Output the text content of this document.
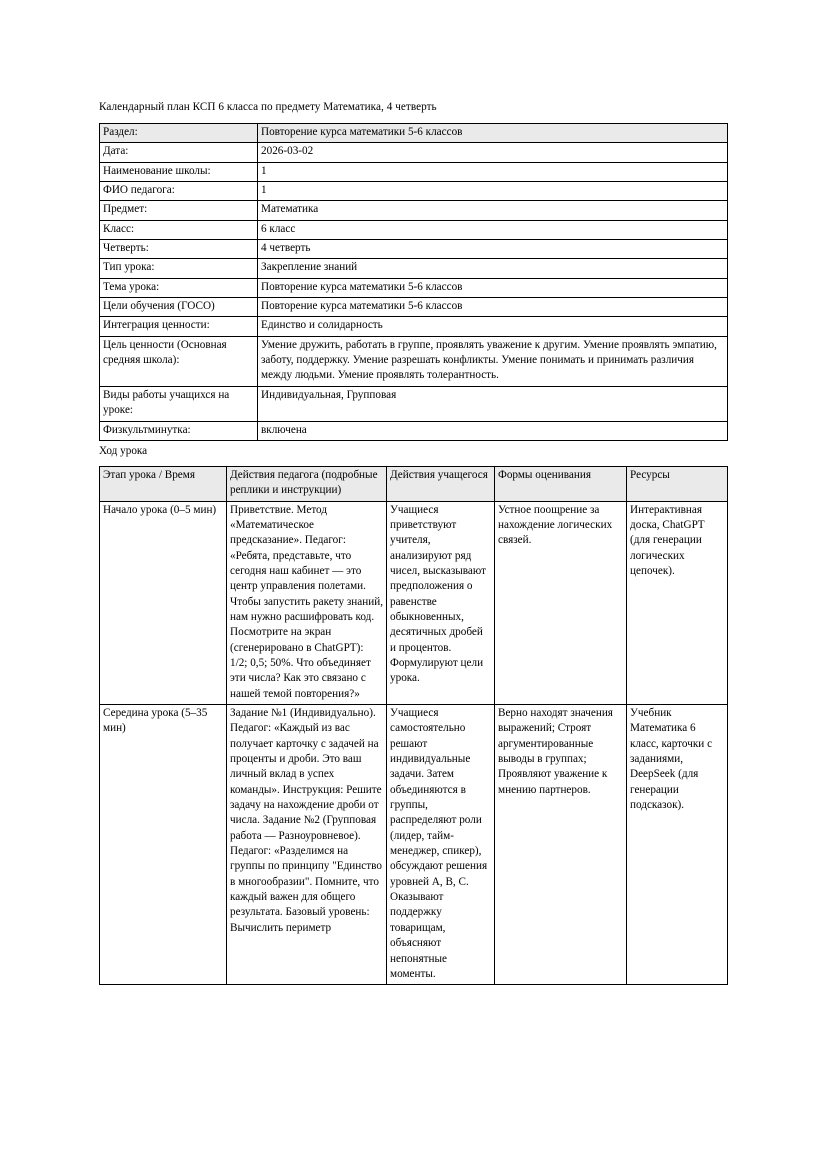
Календарный план КСП 6 класса по предмету Математика, 4 четверть
Раздел:	Повторение курса математики 5-6 классов
Дата:	2026-03-02
Наименование школы:	1
ФИО педагога:	1
Предмет:	Математика
Класс:	6 класс
Четверть:	4 четверть
Тип урока:	Закрепление знаний
Тема урока:	Повторение курса математики 5-6 классов
Цели обучения (ГОСО)	Повторение курса математики 5-6 классов
Интеграция ценности:	Единство и солидарность
Цель ценности (Основная средняя школа):	Умение дружить, работать в группе, проявлять уважение к другим. Умение проявлять эмпатию, заботу, поддержку. Умение разрешать конфликты. Умение понимать и принимать различия между людьми. Умение проявлять толерантность.
Виды работы учащихся на уроке:	Индивидуальная, Групповая
Физкультминутка:	включена
Ход урока
Этап урока / Время	Действия педагога (подробные реплики и инструкции)	Действия учащегося	Формы оценивания	Ресурсы
Начало урока (0–5 мин)	Приветствие. Метод «Математическое предсказание». Педагог: «Ребята, представьте, что сегодня наш кабинет — это центр управления полетами. Чтобы запустить ракету знаний, нам нужно расшифровать код. Посмотрите на экран (сгенерировано в ChatGPT): 1/2; 0,5; 50%. Что объединяет эти числа? Как это связано с нашей темой повторения?»	Учащиеся приветствуют учителя, анализируют ряд чисел, высказывают предположения о равенстве обыкновенных, десятичных дробей и процентов. Формулируют цели урока.	Устное поощрение за нахождение логических связей.	Интерактивная доска, ChatGPT (для генерации логических цепочек).
Середина урока (5–35 мин)	Задание №1 (Индивидуально). Педагог: «Каждый из вас получает карточку с задачей на проценты и дроби. Это ваш личный вклад в успех команды». Инструкция: Решите задачу на нахождение дроби от числа. Задание №2 (Групповая работа — Разноуровневое). Педагог: «Разделимся на группы по принципу "Единство в многообразии". Помните, что каждый важен для общего результата. Базовый уровень: Вычислить периметр	Учащиеся самостоятельно решают индивидуальные задачи. Затем объединяются в группы, распределяют роли (лидер, тайм-менеджер, спикер), обсуждают решения уровней А, В, С. Оказывают поддержку товарищам, объясняют непонятные моменты.	Верно находят значения выражений; Строят аргументированные выводы в группах; Проявляют уважение к мнению партнеров.	Учебник Математика 6 класс, карточки с заданиями, DeepSeek (для генерации подсказок).
